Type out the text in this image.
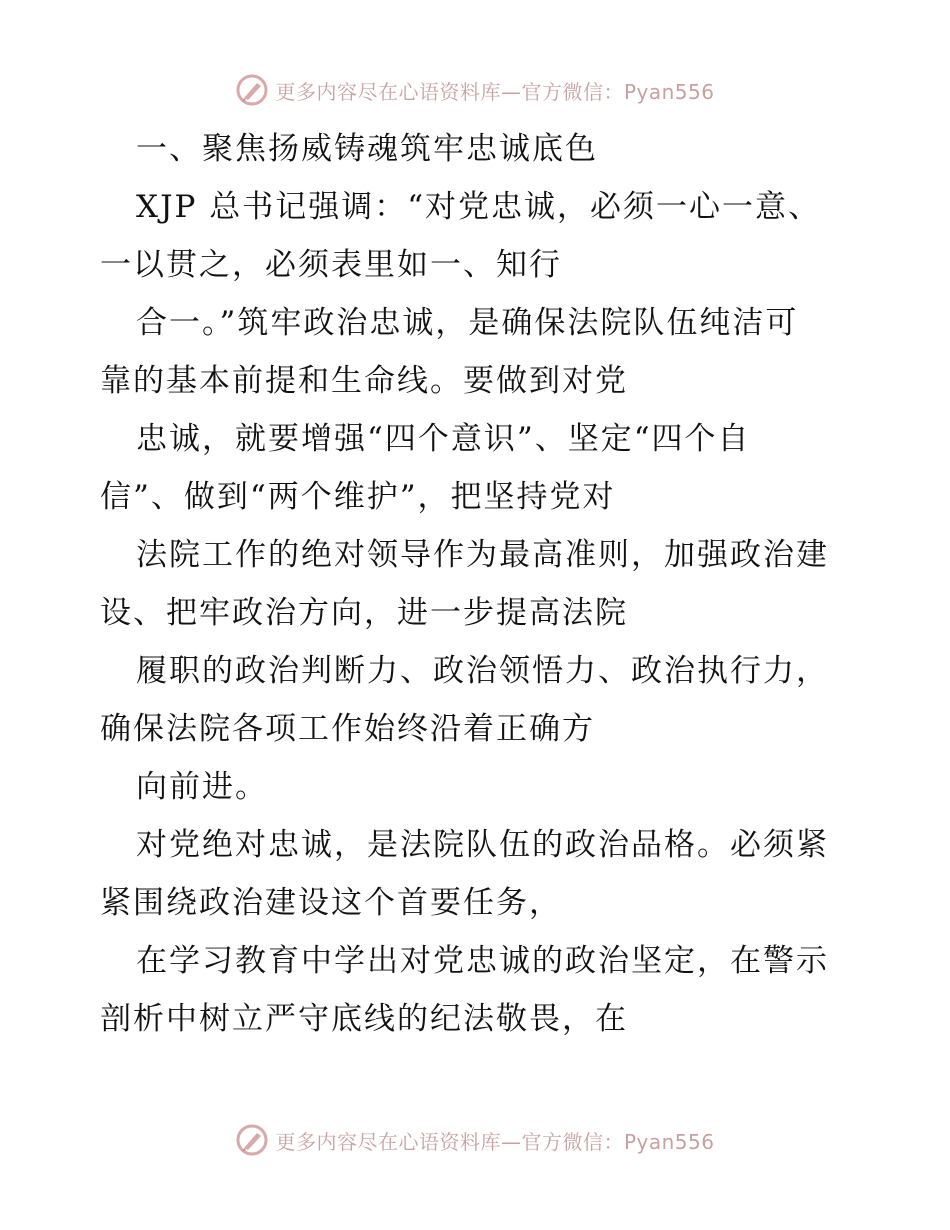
更多内容尽在心语资料库—官方微信：Pyan556
一、聚焦扬威铸魂筑牢忠诚底色
XJP 总书记强调：“对党忠诚，必须一心一意、
一以贯之，必须表里如一、知行
合一。”筑牢政治忠诚，是确保法院队伍纯洁可
靠的基本前提和生命线。要做到对党
忠诚，就要增强“四个意识”、坚定“四个自
信”、做到“两个维护”，把坚持党对
法院工作的绝对领导作为最高准则，加强政治建
设、把牢政治方向，进一步提高法院
履职的政治判断力、政治领悟力、政治执行力，
确保法院各项工作始终沿着正确方
向前进。
对党绝对忠诚，是法院队伍的政治品格。必须紧
紧围绕政治建设这个首要任务，
在学习教育中学出对党忠诚的政治坚定，在警示
剖析中树立严守底线的纪法敬畏，在
更多内容尽在心语资料库—官方微信：Pyan556
